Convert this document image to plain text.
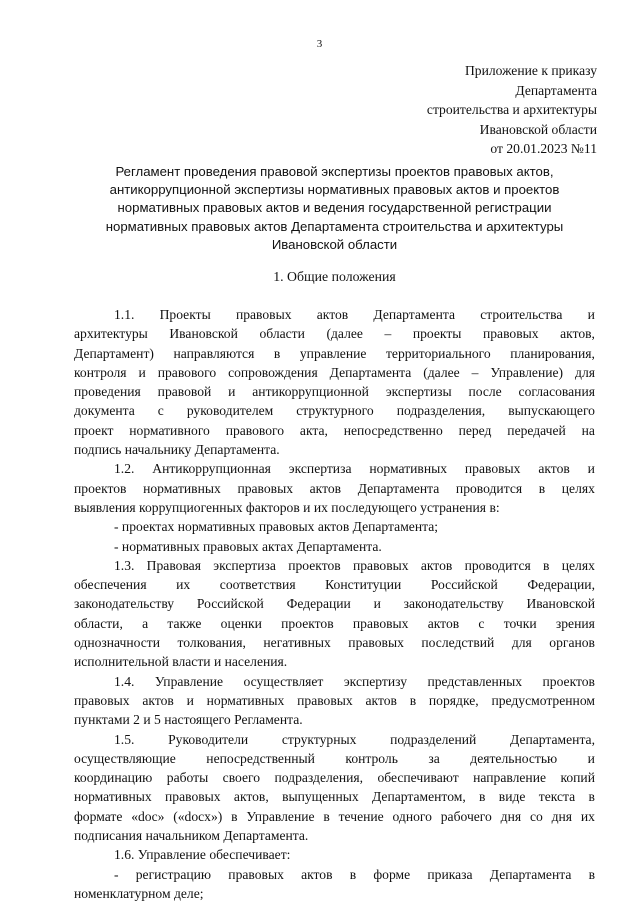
3
Приложение к приказу
Департамента
строительства и архитектуры
Ивановской области
от 20.01.2023 №11
Регламент проведения правовой экспертизы проектов правовых актов,
антикоррупционной экспертизы нормативных правовых актов и проектов
нормативных правовых актов и ведения государственной регистрации
нормативных правовых актов Департамента строительства и архитектуры
Ивановской области
1. Общие положения
1.1. Проекты правовых актов Департамента строительства и
архитектуры Ивановской области (далее – проекты правовых актов,
Департамент) направляются в управление территориального планирования,
контроля и правового сопровождения Департамента (далее – Управление) для
проведения правовой и антикоррупционной экспертизы после согласования
документа с руководителем структурного подразделения, выпускающего
проект нормативного правового акта, непосредственно перед передачей на
подпись начальнику Департамента.
1.2. Антикоррупционная экспертиза нормативных правовых актов и
проектов нормативных правовых актов Департамента проводится в целях
выявления коррупциогенных факторов и их последующего устранения в:
- проектах нормативных правовых актов Департамента;
- нормативных правовых актах Департамента.
1.3. Правовая экспертиза проектов правовых актов проводится в целях
обеспечения их соответствия Конституции Российской Федерации,
законодательству Российской Федерации и законодательству Ивановской
области, а также оценки проектов правовых актов с точки зрения
однозначности толкования, негативных правовых последствий для органов
исполнительной власти и населения.
1.4. Управление осуществляет экспертизу представленных проектов
правовых актов и нормативных правовых актов в порядке, предусмотренном
пунктами 2 и 5 настоящего Регламента.
1.5. Руководители структурных подразделений Департамента,
осуществляющие непосредственный контроль за деятельностью и
координацию работы своего подразделения, обеспечивают направление копий
нормативных правовых актов, выпущенных Департаментом, в виде текста в
формате «doc» («docx») в Управление в течение одного рабочего дня со дня их
подписания начальником Департамента.
1.6. Управление обеспечивает:
- регистрацию правовых актов в форме приказа Департамента в
номенклатурном деле;
